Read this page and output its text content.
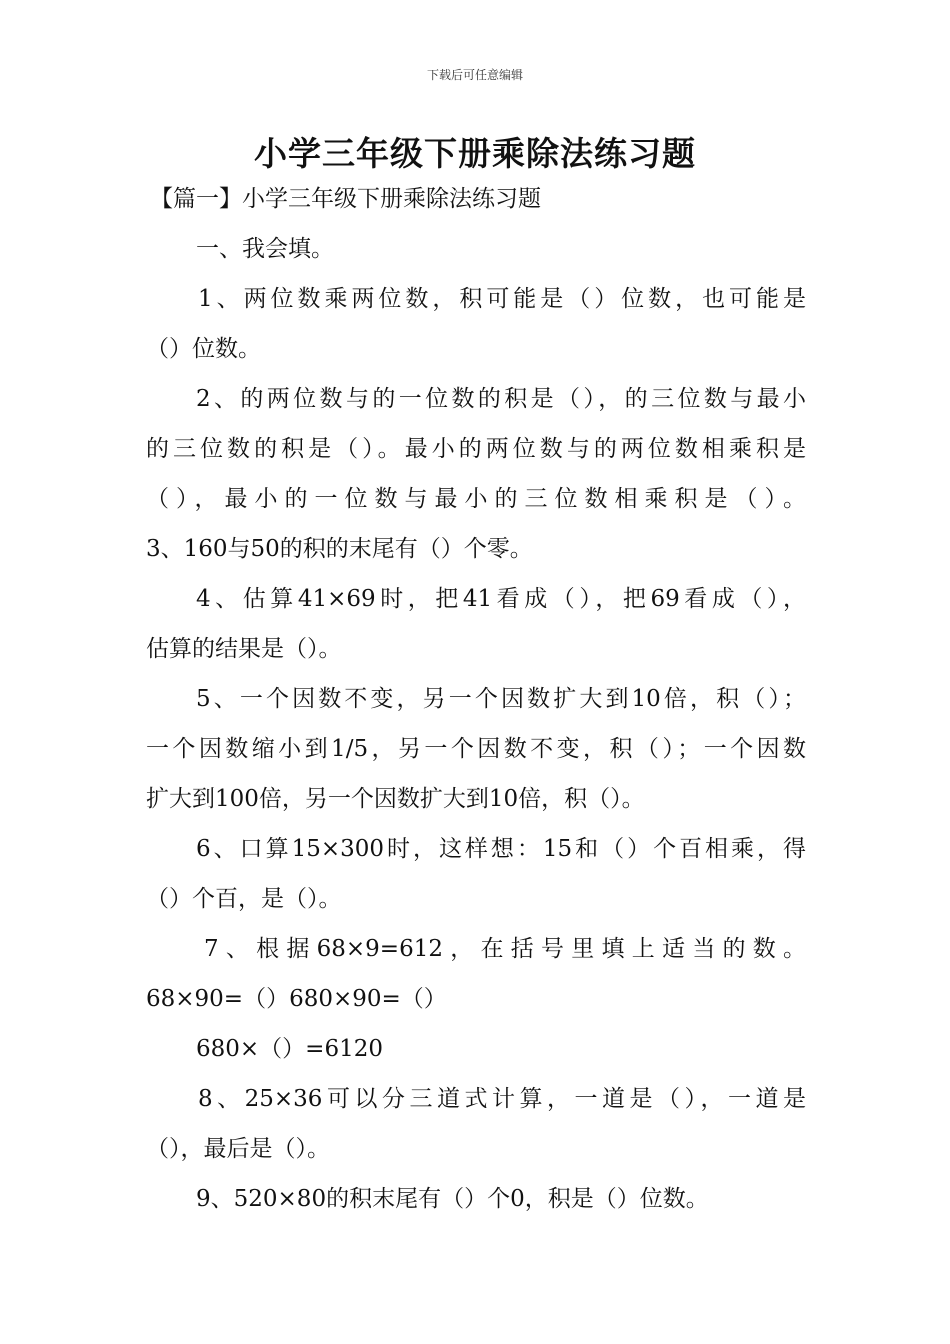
下载后可任意编辑
小学三年级下册乘除法练习题
【篇一】小学三年级下册乘除法练习题
一、我会填。
1、两位数乘两位数，积可能是（）位数，也可能是
（）位数。
2、的两位数与的一位数的积是（），的三位数与最小
的三位数的积是（）。最小的两位数与的两位数相乘积是
（），最小的一位数与最小的三位数相乘积是（）。
3、160与50的积的末尾有（）个零。
4、估算41×69时，把41看成（），把69看成（），
估算的结果是（）。
5、一个因数不变，另一个因数扩大到10倍，积（）；
一个因数缩小到1/5，另一个因数不变，积（）；一个因数
扩大到100倍，另一个因数扩大到10倍，积（）。
6、口算15×300时，这样想：15和（）个百相乘，得
（）个百，是（）。
7、根据68×9=612，在括号里填上适当的数。
68×90=（）680×90=（）
680×（）=6120
8、25×36可以分三道式计算，一道是（），一道是
（），最后是（）。
9、520×80的积末尾有（）个0，积是（）位数。
